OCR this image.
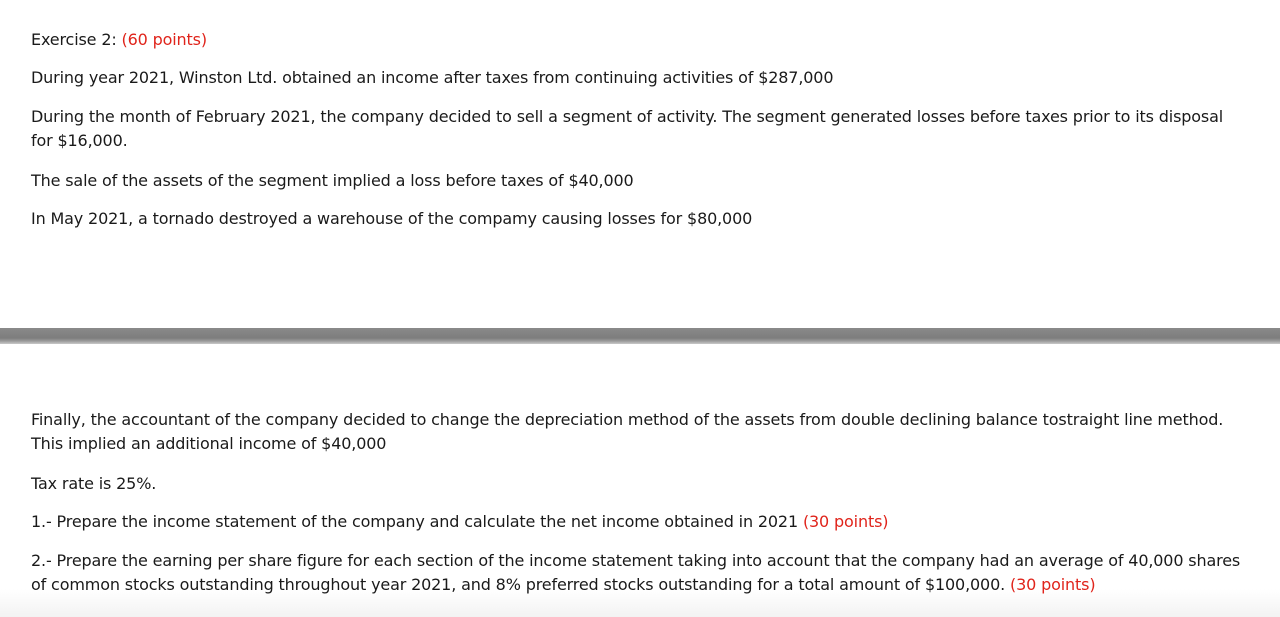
Exercise 2: (60 points)

During year 2021, Winston Ltd. obtained an income after taxes from continuing activities of $287,000

During the month of February 2021, the company decided to sell a segment of activity. The segment generated losses before taxes prior to its disposal for $16,000.

The sale of the assets of the segment implied a loss before taxes of $40,000

In May 2021, a tornado destroyed a warehouse of the compamy causing losses for $80,000

Finally, the accountant of the company decided to change the depreciation method of the assets from double declining balance tostraight line method. This implied an additional income of $40,000

Tax rate is 25%.

1.- Prepare the income statement of the company and calculate the net income obtained in 2021 (30 points)

2.- Prepare the earning per share figure for each section of the income statement taking into account that the company had an average of 40,000 shares of common stocks outstanding throughout year 2021, and 8% preferred stocks outstanding for a total amount of $100,000. (30 points)
